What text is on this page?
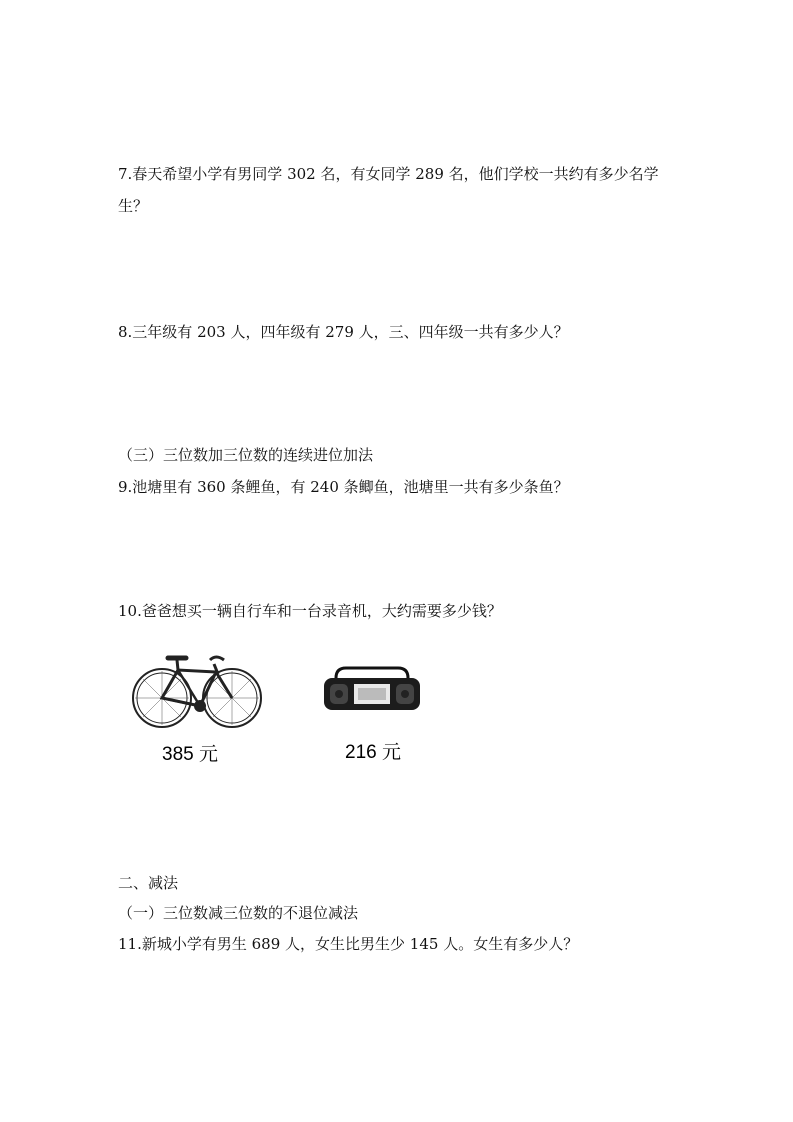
7.春天希望小学有男同学 302 名，有女同学 289 名，他们学校一共约有多少名学
生？
8.三年级有 203 人，四年级有 279 人，三、四年级一共有多少人？
（三）三位数加三位数的连续进位加法
9.池塘里有 360 条鲤鱼，有 240 条鲫鱼，池塘里一共有多少条鱼？
10.爸爸想买一辆自行车和一台录音机，大约需要多少钱？
385 元	216 元
二、减法
（一）三位数减三位数的不退位减法
11.新城小学有男生 689 人，女生比男生少 145 人。女生有多少人？
